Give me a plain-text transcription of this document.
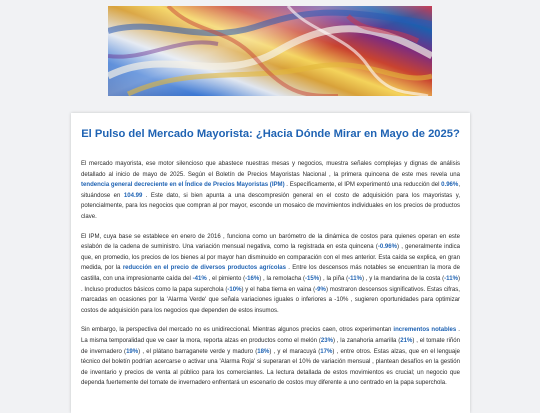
El Pulso del Mercado Mayorista: ¿Hacia Dónde Mirar en Mayo de 2025?

El mercado mayorista, ese motor silencioso que abastece nuestras mesas y negocios, muestra señales complejas y dignas de análisis detallado al inicio de mayo de 2025. Según el Boletín de Precios Mayoristas Nacional , la primera quincena de este mes revela una tendencia general decreciente en el Índice de Precios Mayoristas (IPM) . Específicamente, el IPM experimentó una reducción del 0.96%, situándose en 104.99 . Este dato, si bien apunta a una descompresión general en el costo de adquisición para los mayoristas y, potencialmente, para los negocios que compran al por mayor, esconde un mosaico de movimientos individuales en los precios de productos clave.

El IPM, cuya base se establece en enero de 2016 , funciona como un barómetro de la dinámica de costos para quienes operan en este eslabón de la cadena de suministro. Una variación mensual negativa, como la registrada en esta quincena (-0.96%) , generalmente indica que, en promedio, los precios de los bienes al por mayor han disminuido en comparación con el mes anterior. Esta caída se explica, en gran medida, por la reducción en el precio de diversos productos agrícolas . Entre los descensos más notables se encuentran la mora de castilla, con una impresionante caída del -41% , el pimiento (-16%) , la remolacha (-15%) , la piña (-11%) , y la mandarina de la costa (-11%) . Incluso productos básicos como la papa superchola (-10%) y el haba tierna en vaina (-9%) mostraron descensos significativos. Estas cifras, marcadas en ocasiones por la 'Alarma Verde' que señala variaciones iguales o inferiores a -10% , sugieren oportunidades para optimizar costos de adquisición para los negocios que dependen de estos insumos.

Sin embargo, la perspectiva del mercado no es unidireccional. Mientras algunos precios caen, otros experimentan incrementos notables . La misma temporalidad que ve caer la mora, reporta alzas en productos como el melón (23%) , la zanahoria amarilla (21%) , el tomate riñón de invernadero (19%) , el plátano barraganete verde y maduro (18%) , y el maracuyá (17%) , entre otros. Estas alzas, que en el lenguaje técnico del boletín podrían acercarse o activar una 'Alarma Roja' si superaran el 10% de variación mensual , plantean desafíos en la gestión de inventario y precios de venta al público para los comerciantes. La lectura detallada de estos movimientos es crucial; un negocio que dependa fuertemente del tomate de invernadero enfrentará un escenario de costos muy diferente a uno centrado en la papa superchola.
